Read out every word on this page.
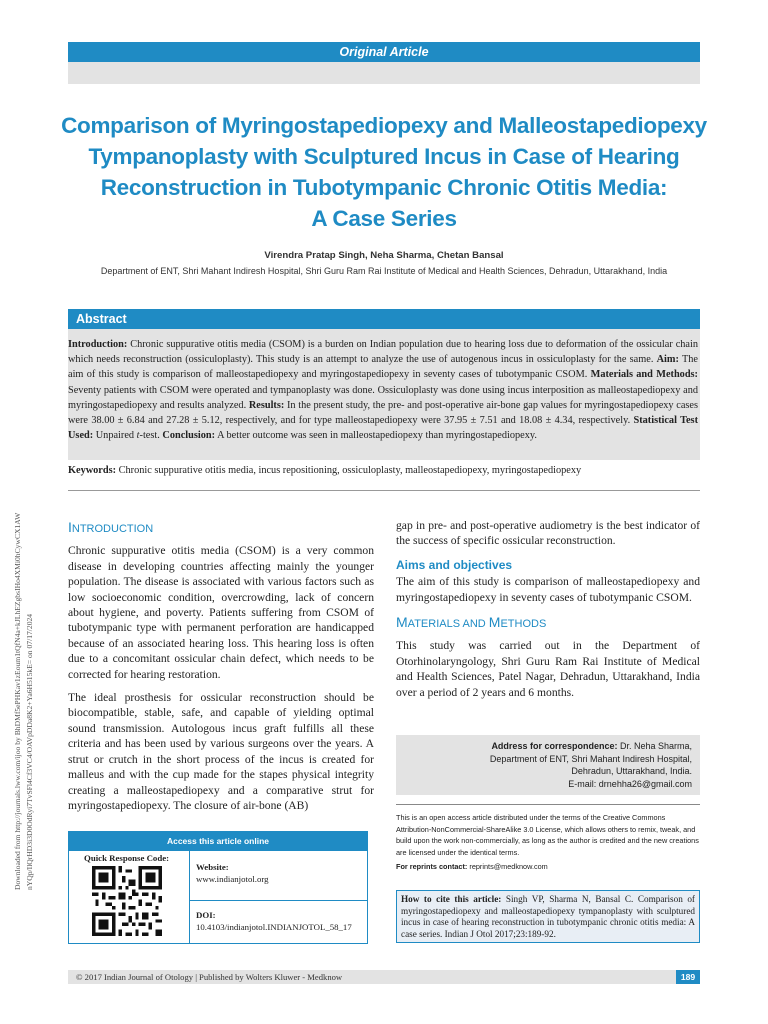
Original Article
Downloaded from http://journals.lww.com/ijoo by BhDMf5ePHKav1zEoum1tQfN4a+kJLhEZgbsIHo4XMi0hCywCX1AW nYQp/IlQrHD3i3D0OdRyi7TvSFl4Cf3VC4/OAVpDDa8K2+Ya6H515kE= on 07/17/2024
Comparison of Myringostapediopexy and Malleostapediopexy
Tympanoplasty with Sculptured Incus in Case of Hearing
Reconstruction in Tubotympanic Chronic Otitis Media:
A Case Series
Virendra Pratap Singh, Neha Sharma, Chetan Bansal
Department of ENT, Shri Mahant Indiresh Hospital, Shri Guru Ram Rai Institute of Medical and Health Sciences, Dehradun, Uttarakhand, India
Abstract
Introduction: Chronic suppurative otitis media (CSOM) is a burden on Indian population due to hearing loss due to deformation of the ossicular chain which needs reconstruction (ossiculoplasty). This study is an attempt to analyze the use of autogenous incus in ossiculoplasty for the same. Aim: The aim of this study is comparison of malleostapediopexy and myringostapediopexy in seventy cases of tubotympanic CSOM. Materials and Methods: Seventy patients with CSOM were operated and tympanoplasty was done. Ossiculoplasty was done using incus interposition as malleostapediopexy and myringostapediopexy and results analyzed. Results: In the present study, the pre- and post-operative air-bone gap values for myringostapediopexy cases were 38.00 ± 6.84 and 27.28 ± 5.12, respectively, and for type malleostapediopexy were 37.95 ± 7.51 and 18.08 ± 4.34, respectively. Statistical Test Used: Unpaired t-test. Conclusion: A better outcome was seen in malleostapediopexy than myringostapediopexy.
Keywords: Chronic suppurative otitis media, incus repositioning, ossiculoplasty, malleostapediopexy, myringostapediopexy
INTRODUCTION

Chronic suppurative otitis media (CSOM) is a very common disease in developing countries affecting mainly the younger population. The disease is associated with various factors such as low socioeconomic condition, overcrowding, lack of concern about hygiene, and poverty. Patients suffering from CSOM of tubotympanic type with permanent perforation are handicapped because of an associated hearing loss. This hearing loss is often due to a concomitant ossicular chain defect, which needs to be corrected for hearing restoration.

The ideal prosthesis for ossicular reconstruction should be biocompatible, stable, safe, and capable of yielding optimal sound transmission. Autologous incus graft fulfills all these criteria and has been used by various surgeons over the years. A strut or crutch in the short process of the incus is created for malleus and with the cup made for the stapes physical integrity creating a malleostapediopexy and a comparative strut for myringostapediopexy. The closure of air-bone (AB)

gap in pre- and post-operative audiometry is the best indicator of the success of specific ossicular reconstruction.

Aims and objectives

The aim of this study is comparison of malleostapediopexy and myringostapediopexy in seventy cases of tubotympanic CSOM.

MATERIALS AND METHODS

This study was carried out in the Department of Otorhinolaryngology, Shri Guru Ram Rai Institute of Medical and Health Sciences, Patel Nagar, Dehradun, Uttarakhand, India over a period of 2 years and 6 months.

Address for correspondence: Dr. Neha Sharma,
Department of ENT, Shri Mahant Indiresh Hospital,
Dehradun, Uttarakhand, India.
E-mail: drnehha26@gmail.com

This is an open access article distributed under the terms of the Creative Commons Attribution-NonCommercial-ShareAlike 3.0 License, which allows others to remix, tweak, and build upon the work non-commercially, as long as the author is credited and the new creations are licensed under the identical terms.

For reprints contact: reprints@medknow.com

How to cite this article: Singh VP, Sharma N, Bansal C. Comparison of myringostapediopexy and malleostapediopexy tympanoplasty with sculptured incus in case of hearing reconstruction in tubotympanic chronic otitis media: A case series. Indian J Otol 2017;23:189-92.
Access this article online
Quick Response Code:
Website:
www.indianjotol.org
DOI:
10.4103/indianjotol.INDIANJOTOL_58_17
© 2017 Indian Journal of Otology | Published by Wolters Kluwer - Medknow	189
